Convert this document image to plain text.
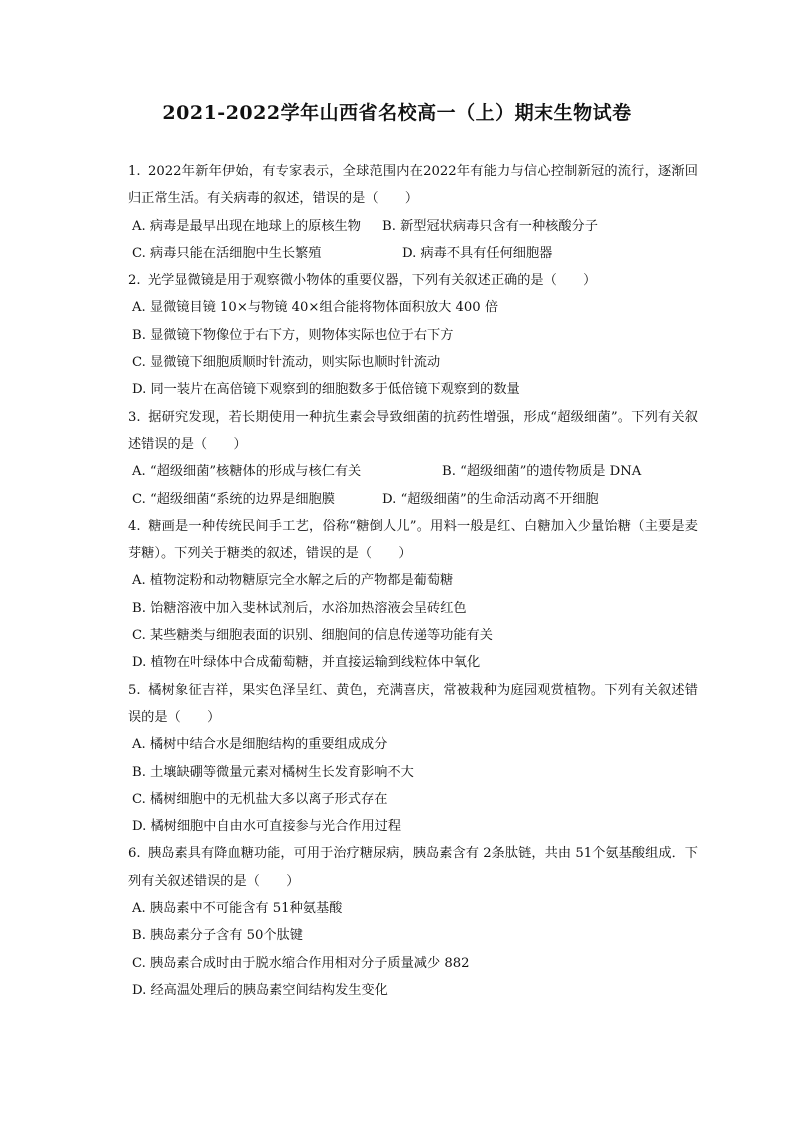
2021-2022学年山西省名校高一（上）期末生物试卷

1. 2022年新年伊始，有专家表示，全球范围内在2022年有能力与信心控制新冠的流行，逐渐回归正常生活。有关病毒的叙述，错误的是（　　）

A. 病毒是最早出现在地球上的原核生物	B. 新型冠状病毒只含有一种核酸分子
C. 病毒只能在活细胞中生长繁殖	D. 病毒不具有任何细胞器

2. 光学显微镜是用于观察微小物体的重要仪器，下列有关叙述正确的是（　　）

A. 显微镜目镜 10×与物镜 40×组合能将物体面积放大 400 倍

B. 显微镜下物像位于右下方，则物体实际也位于右下方

C. 显微镜下细胞质顺时针流动，则实际也顺时针流动

D. 同一装片在高倍镜下观察到的细胞数多于低倍镜下观察到的数量

3. 据研究发现，若长期使用一种抗生素会导致细菌的抗药性增强，形成“超级细菌”。下列有关叙述错误的是（　　）

A. “超级细菌”核糖体的形成与核仁有关	B. “超级细菌”的遗传物质是 DNA
C. “超级细菌“系统的边界是细胞膜	D. “超级细菌”的生命活动离不开细胞

4. 糖画是一种传统民间手工艺，俗称“糖倒人儿”。用料一般是红、白糖加入少量饴糖（主要是麦芽糖）。下列关于糖类的叙述，错误的是（　　）

A. 植物淀粉和动物糖原完全水解之后的产物都是葡萄糖

B. 饴糖溶液中加入斐林试剂后，水浴加热溶液会呈砖红色

C. 某些糖类与细胞表面的识别、细胞间的信息传递等功能有关

D. 植物在叶绿体中合成葡萄糖，并直接运输到线粒体中氧化

5. 橘树象征吉祥，果实色泽呈红、黄色，充满喜庆，常被栽种为庭园观赏植物。下列有关叙述错误的是（　　）

A. 橘树中结合水是细胞结构的重要组成成分

B. 土壤缺硼等微量元素对橘树生长发育影响不大

C. 橘树细胞中的无机盐大多以离子形式存在

D. 橘树细胞中自由水可直接参与光合作用过程

6. 胰岛素具有降血糖功能，可用于治疗糖尿病，胰岛素含有 2条肽链，共由 51个氨基酸组成．下列有关叙述错误的是（　　）

A. 胰岛素中不可能含有 51种氨基酸

B. 胰岛素分子含有 50个肽键

C. 胰岛素合成时由于脱水缩合作用相对分子质量减少 882

D. 经高温处理后的胰岛素空间结构发生变化
